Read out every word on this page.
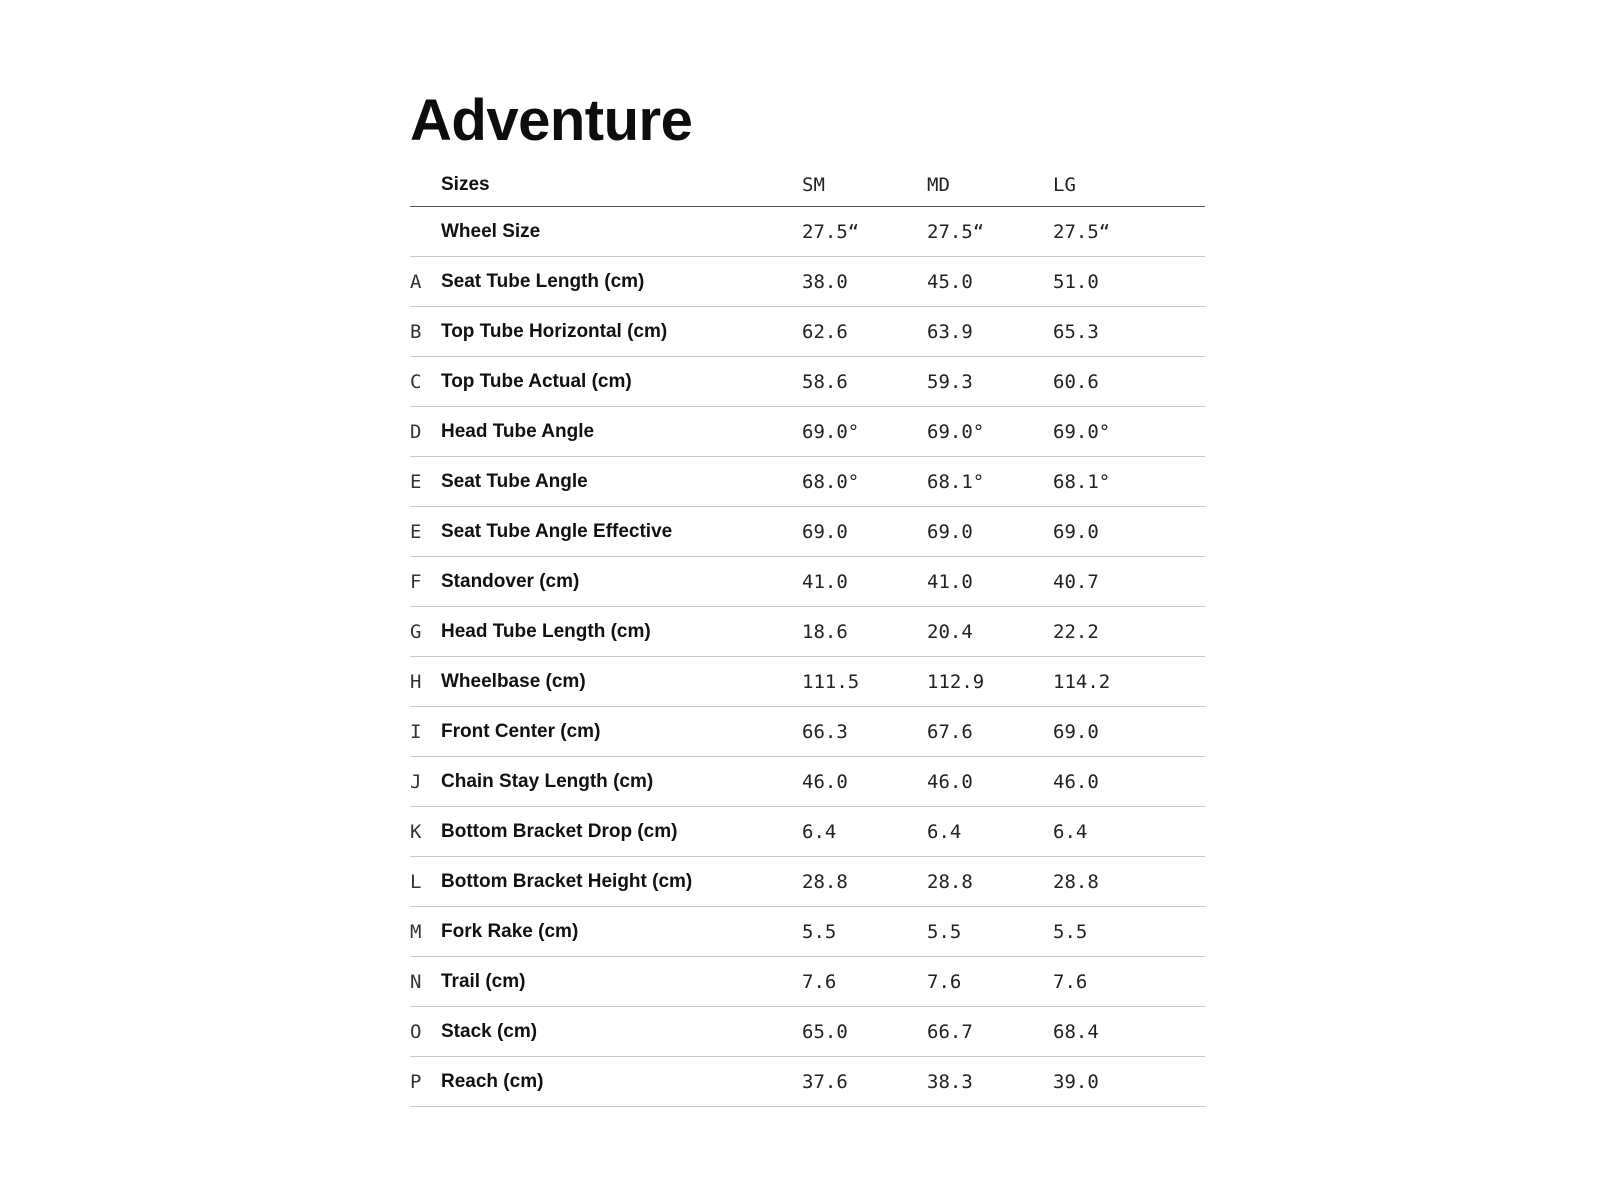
Adventure
	Sizes	SM	MD	LG
	Wheel Size	27.5“	27.5“	27.5“
A	Seat Tube Length (cm)	38.0	45.0	51.0
B	Top Tube Horizontal (cm)	62.6	63.9	65.3
C	Top Tube Actual (cm)	58.6	59.3	60.6
D	Head Tube Angle	69.0°	69.0°	69.0°
E	Seat Tube Angle	68.0°	68.1°	68.1°
E	Seat Tube Angle Effective	69.0	69.0	69.0
F	Standover (cm)	41.0	41.0	40.7
G	Head Tube Length (cm)	18.6	20.4	22.2
H	Wheelbase (cm)	111.5	112.9	114.2
I	Front Center (cm)	66.3	67.6	69.0
J	Chain Stay Length (cm)	46.0	46.0	46.0
K	Bottom Bracket Drop (cm)	6.4	6.4	6.4
L	Bottom Bracket Height (cm)	28.8	28.8	28.8
M	Fork Rake (cm)	5.5	5.5	5.5
N	Trail (cm)	7.6	7.6	7.6
O	Stack (cm)	65.0	66.7	68.4
P	Reach (cm)	37.6	38.3	39.0
